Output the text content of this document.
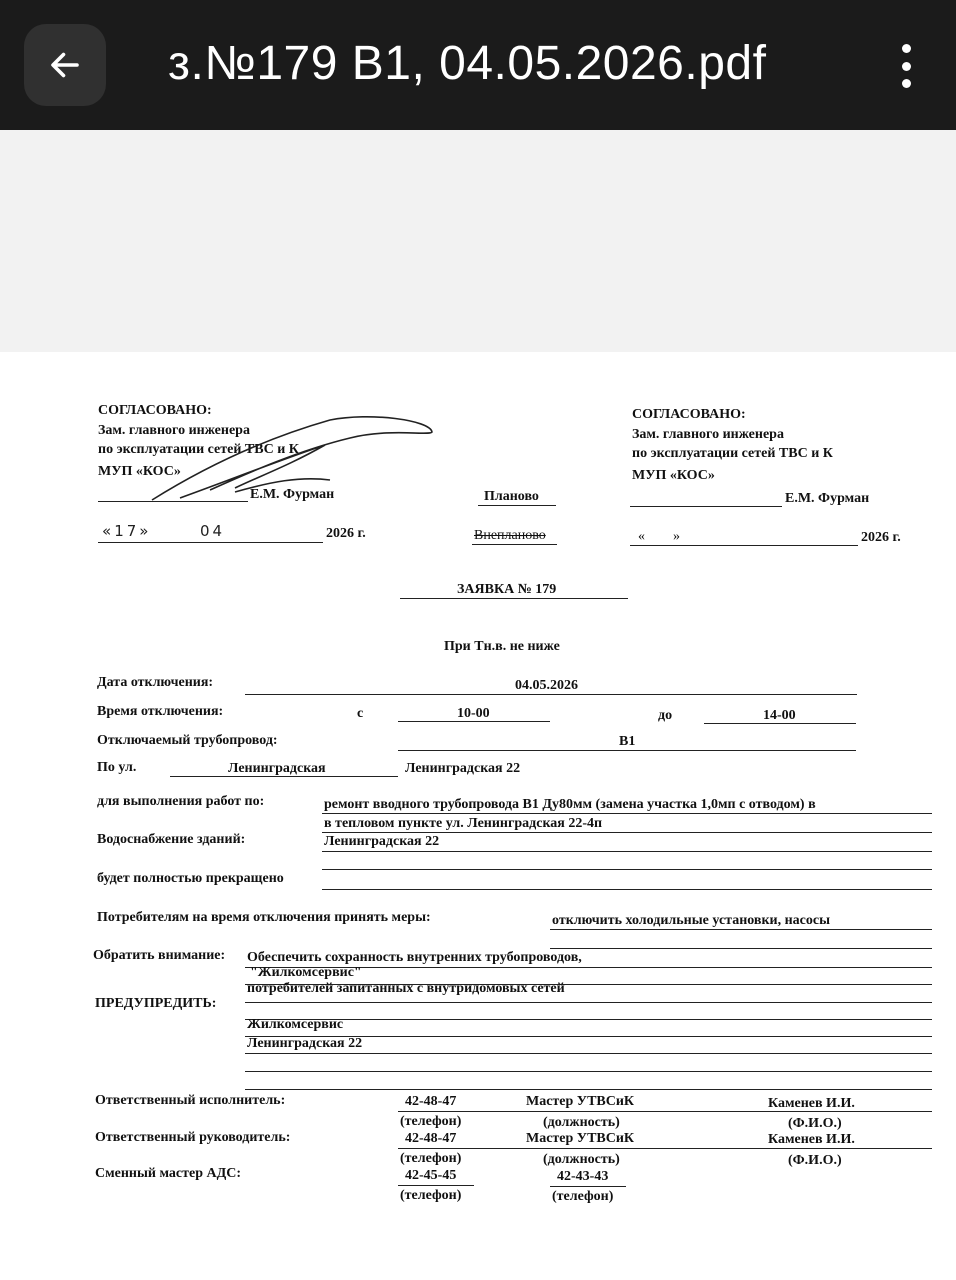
з.№179 В1, 04.05.2026.pdf
СОГЛАСОВАНО:
Зам. главного инженера
по эксплуатации сетей ТВС и К
МУП «КОС»
Е.М. Фурман
«17»	04	2026 г.
Планово
Внепланово
СОГЛАСОВАНО:
Зам. главного инженера
по эксплуатации сетей ТВС и К
МУП «КОС»
Е.М. Фурман
«        »	2026 г.
ЗАЯВКА № 179
При Тн.в. не ниже
Дата отключения:	04.05.2026
Время отключения:	с	10-00	до	14-00
Отключаемый трубопровод:	В1
По ул.	Ленинградская	Ленинградская 22
для выполнения работ по:	ремонт вводного трубопровода В1 Ду80мм (замена участка 1,0мп с отводом) в
в тепловом пункте ул. Ленинградская 22-4п
Водоснабжение зданий:	Ленинградская 22
будет полностью прекращено
Потребителям на время отключения принять меры:	отключить холодильные установки, насосы
Обратить внимание: Обеспечить сохранность внутренних трубопроводов,
"Жилкомсервис"
потребителей запитанных с внутридомовых сетей
ПРЕДУПРЕДИТЬ:
Жилкомсервис
Ленинградская 22
Ответственный исполнитель:	42-48-47	Мастер УТВСиК	Каменев И.И.
(телефон)	(должность)	(Ф.И.О.)
Ответственный руководитель:	42-48-47	Мастер УТВСиК	Каменев И.И.
(телефон)	(должность)	(Ф.И.О.)
Сменный мастер АДС:	42-45-45	42-43-43
(телефон)	(телефон)
